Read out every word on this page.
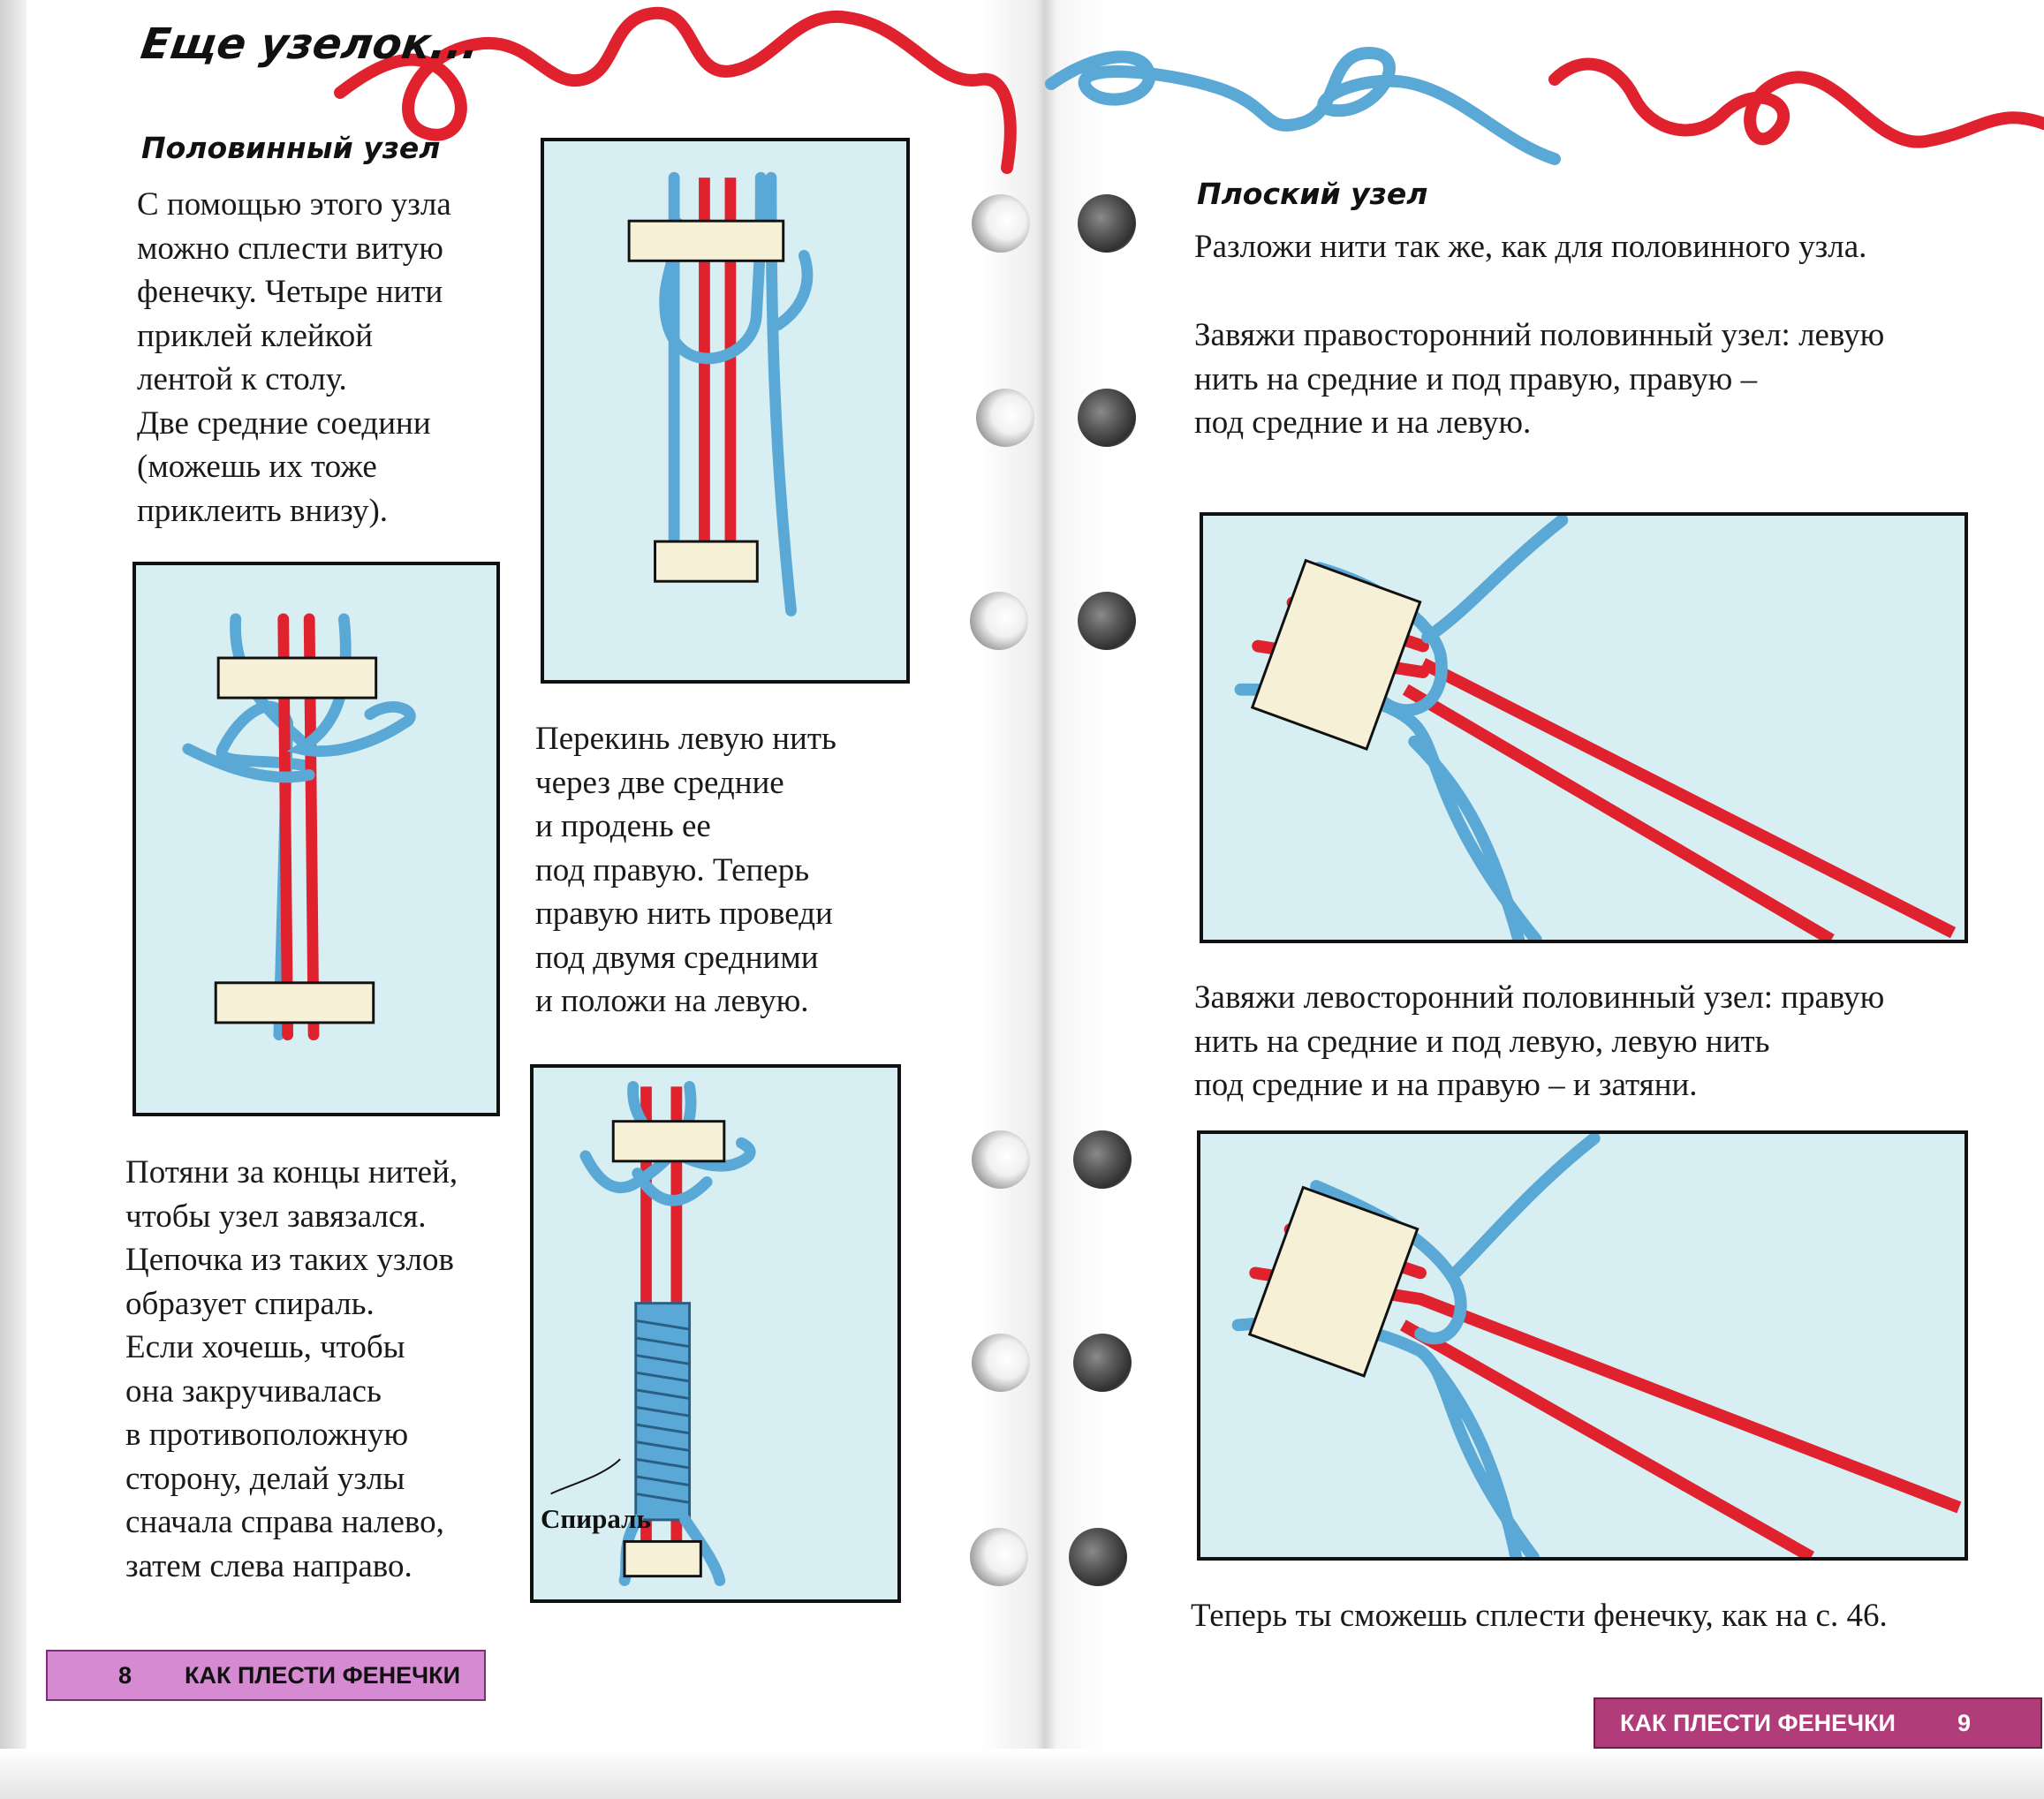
Еще узелок...
Половинный узел
С помощью этого узла
можно сплести витую
фенечку. Четыре нити
приклей клейкой
лентой к столу.
Две средние соедини
(можешь их тоже
приклеить внизу).
Перекинь левую нить
через две средние
и продень ее
под правую. Теперь
правую нить проведи
под двумя средними
и положи на левую.
Спираль
Потяни за концы нитей,
чтобы узел завязался.
Цепочка из таких узлов
образует спираль.
Если хочешь, чтобы
она закручивалась
в противоположную
сторону, делай узлы
сначала справа налево,
затем слева направо.
8 КАК ПЛЕСТИ ФЕНЕЧКИ
Плоский узел
Разложи нити так же, как для половинного узла.
Завяжи правосторонний половинный узел: левую
нить на средние и под правую, правую –
под средние и на левую.
Завяжи левосторонний половинный узел: правую
нить на средние и под левую, левую нить
под средние и на правую – и затяни.
Теперь ты сможешь сплести фенечку, как на с. 46.
КАК ПЛЕСТИ ФЕНЕЧКИ	9
